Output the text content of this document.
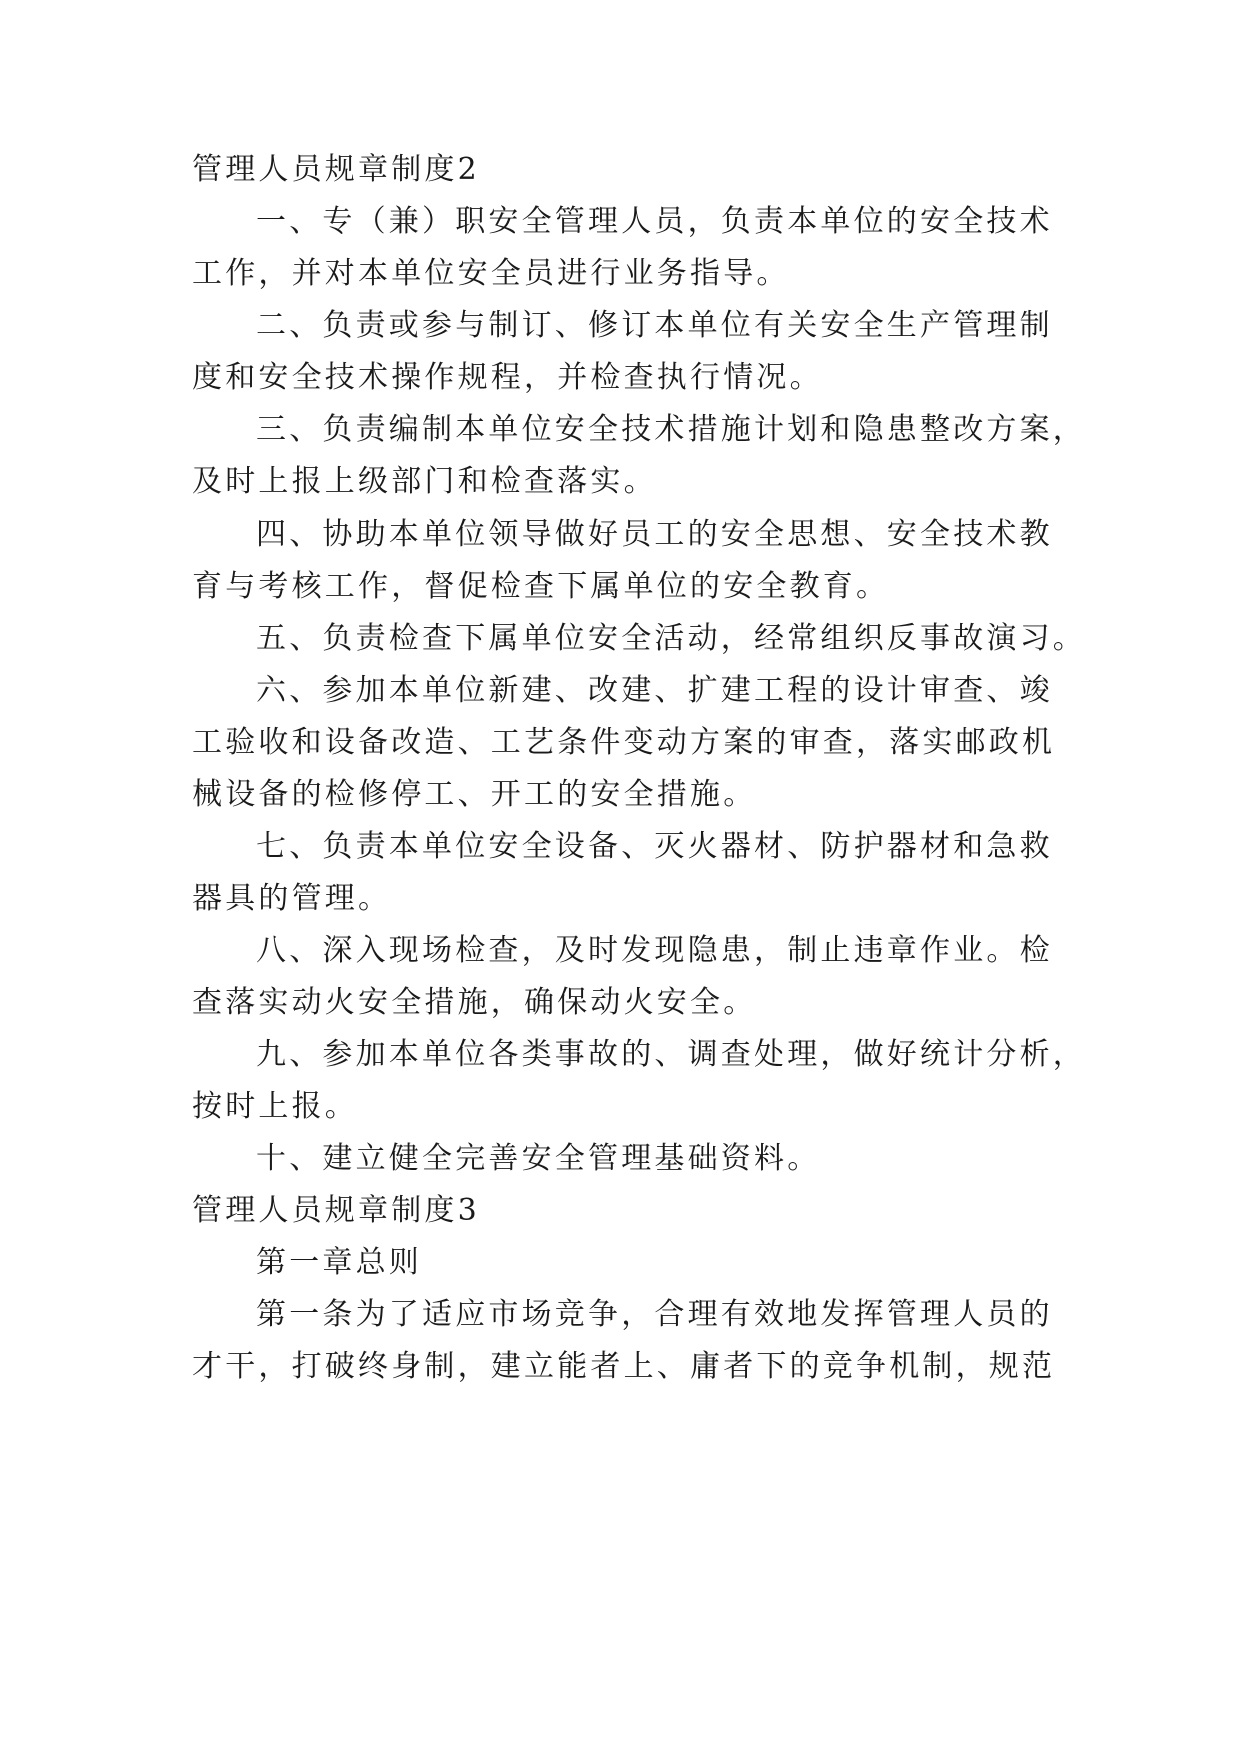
管理人员规章制度2
一、专（兼）职安全管理人员，负责本单位的安全技术
工作，并对本单位安全员进行业务指导。
二、负责或参与制订、修订本单位有关安全生产管理制
度和安全技术操作规程，并检查执行情况。
三、负责编制本单位安全技术措施计划和隐患整改方案，
及时上报上级部门和检查落实。
四、协助本单位领导做好员工的安全思想、安全技术教
育与考核工作，督促检查下属单位的安全教育。
五、负责检查下属单位安全活动，经常组织反事故演习。
六、参加本单位新建、改建、扩建工程的设计审查、竣
工验收和设备改造、工艺条件变动方案的审查，落实邮政机
械设备的检修停工、开工的安全措施。
七、负责本单位安全设备、灭火器材、防护器材和急救
器具的管理。
八、深入现场检查，及时发现隐患，制止违章作业。检
查落实动火安全措施，确保动火安全。
九、参加本单位各类事故的、调查处理，做好统计分析，
按时上报。
十、建立健全完善安全管理基础资料。
管理人员规章制度3
第一章总则
第一条为了适应市场竞争，合理有效地发挥管理人员的
才干，打破终身制，建立能者上、庸者下的竞争机制，规范
